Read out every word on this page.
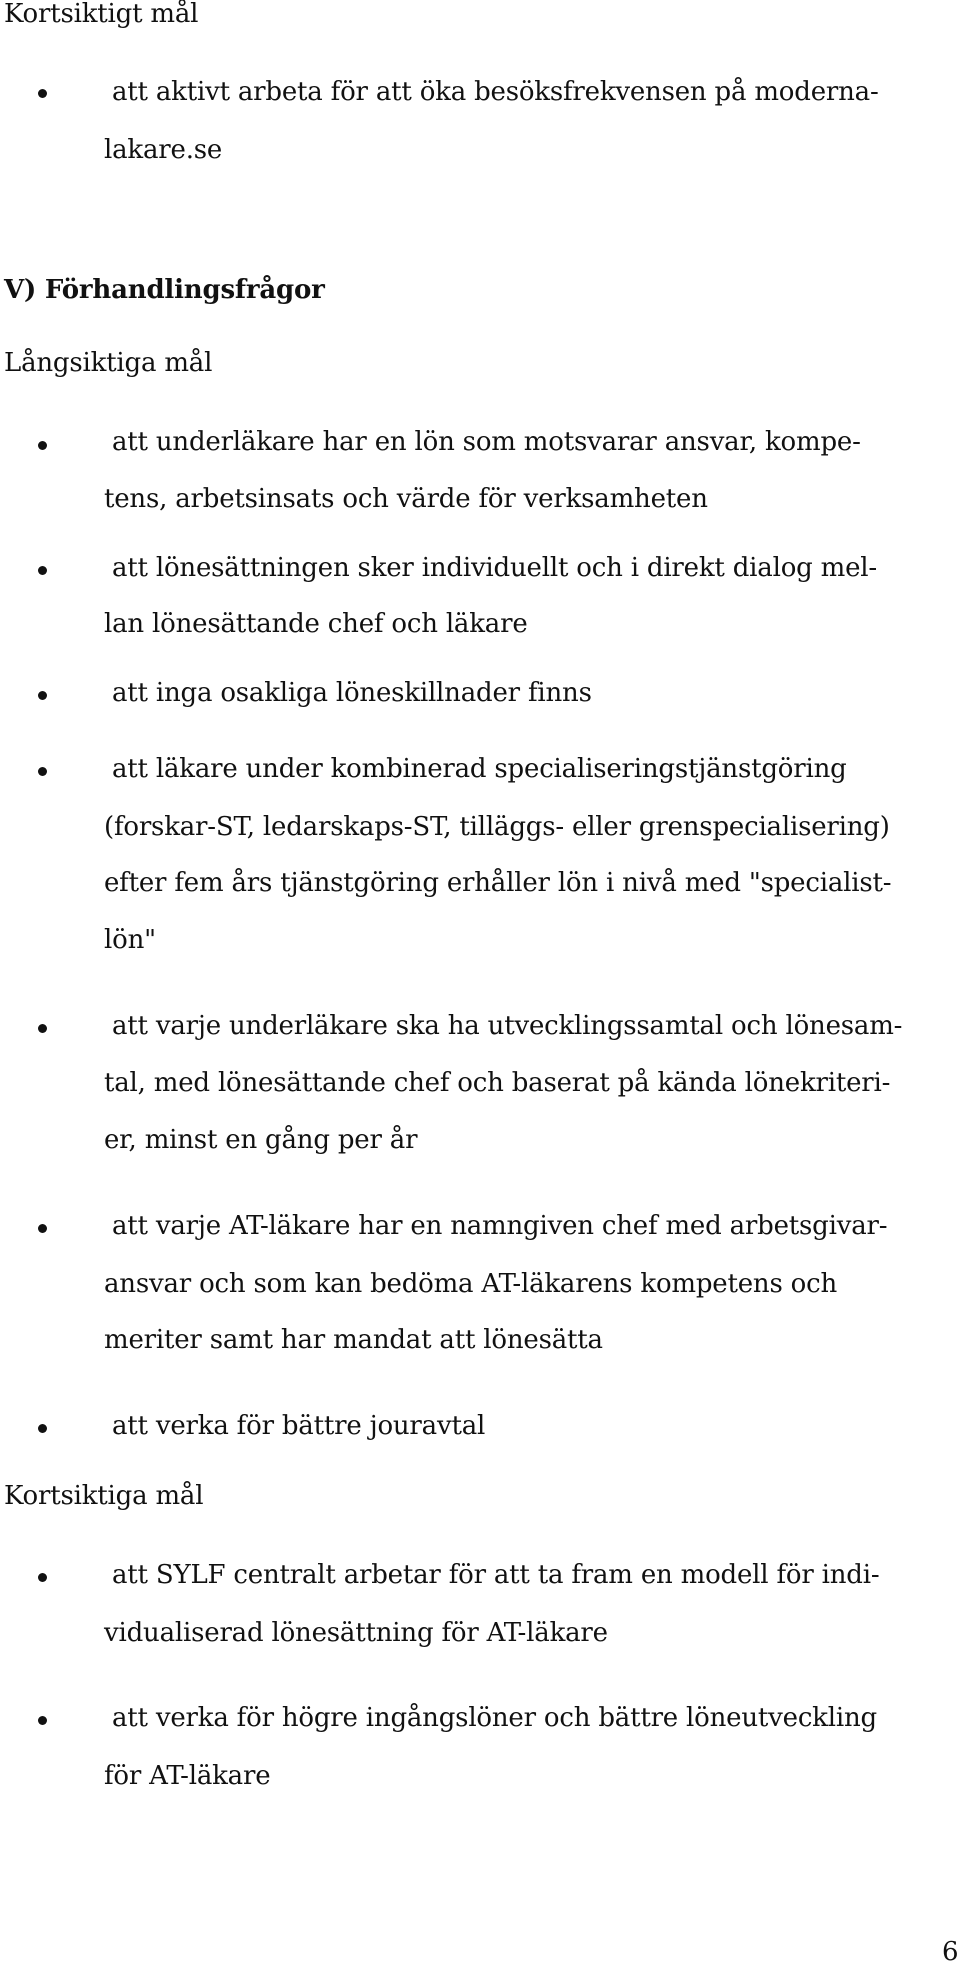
Kortsiktigt mål
att aktivt arbeta för att öka besöksfrekvensen på moderna-
lakare.se
V) Förhandlingsfrågor
Långsiktiga mål
att underläkare har en lön som motsvarar ansvar, kompe-
tens, arbetsinsats och värde för verksamheten
att lönesättningen sker individuellt och i direkt dialog mel-
lan lönesättande chef och läkare
att inga osakliga löneskillnader finns
att läkare under kombinerad specialiseringstjänstgöring
(forskar-ST, ledarskaps-ST, tilläggs- eller grenspecialisering)
efter fem års tjänstgöring erhåller lön i nivå med "specialist-
lön"
att varje underläkare ska ha utvecklingssamtal och lönesam-
tal, med lönesättande chef och baserat på kända lönekriteri-
er, minst en gång per år
att varje AT-läkare har en namngiven chef med arbetsgivar-
ansvar och som kan bedöma AT-läkarens kompetens och
meriter samt har mandat att lönesätta
att verka för bättre jouravtal
Kortsiktiga mål
att SYLF centralt arbetar för att ta fram en modell för indi-
vidualiserad lönesättning för AT-läkare
att verka för högre ingångslöner och bättre löneutveckling
för AT-läkare
6
